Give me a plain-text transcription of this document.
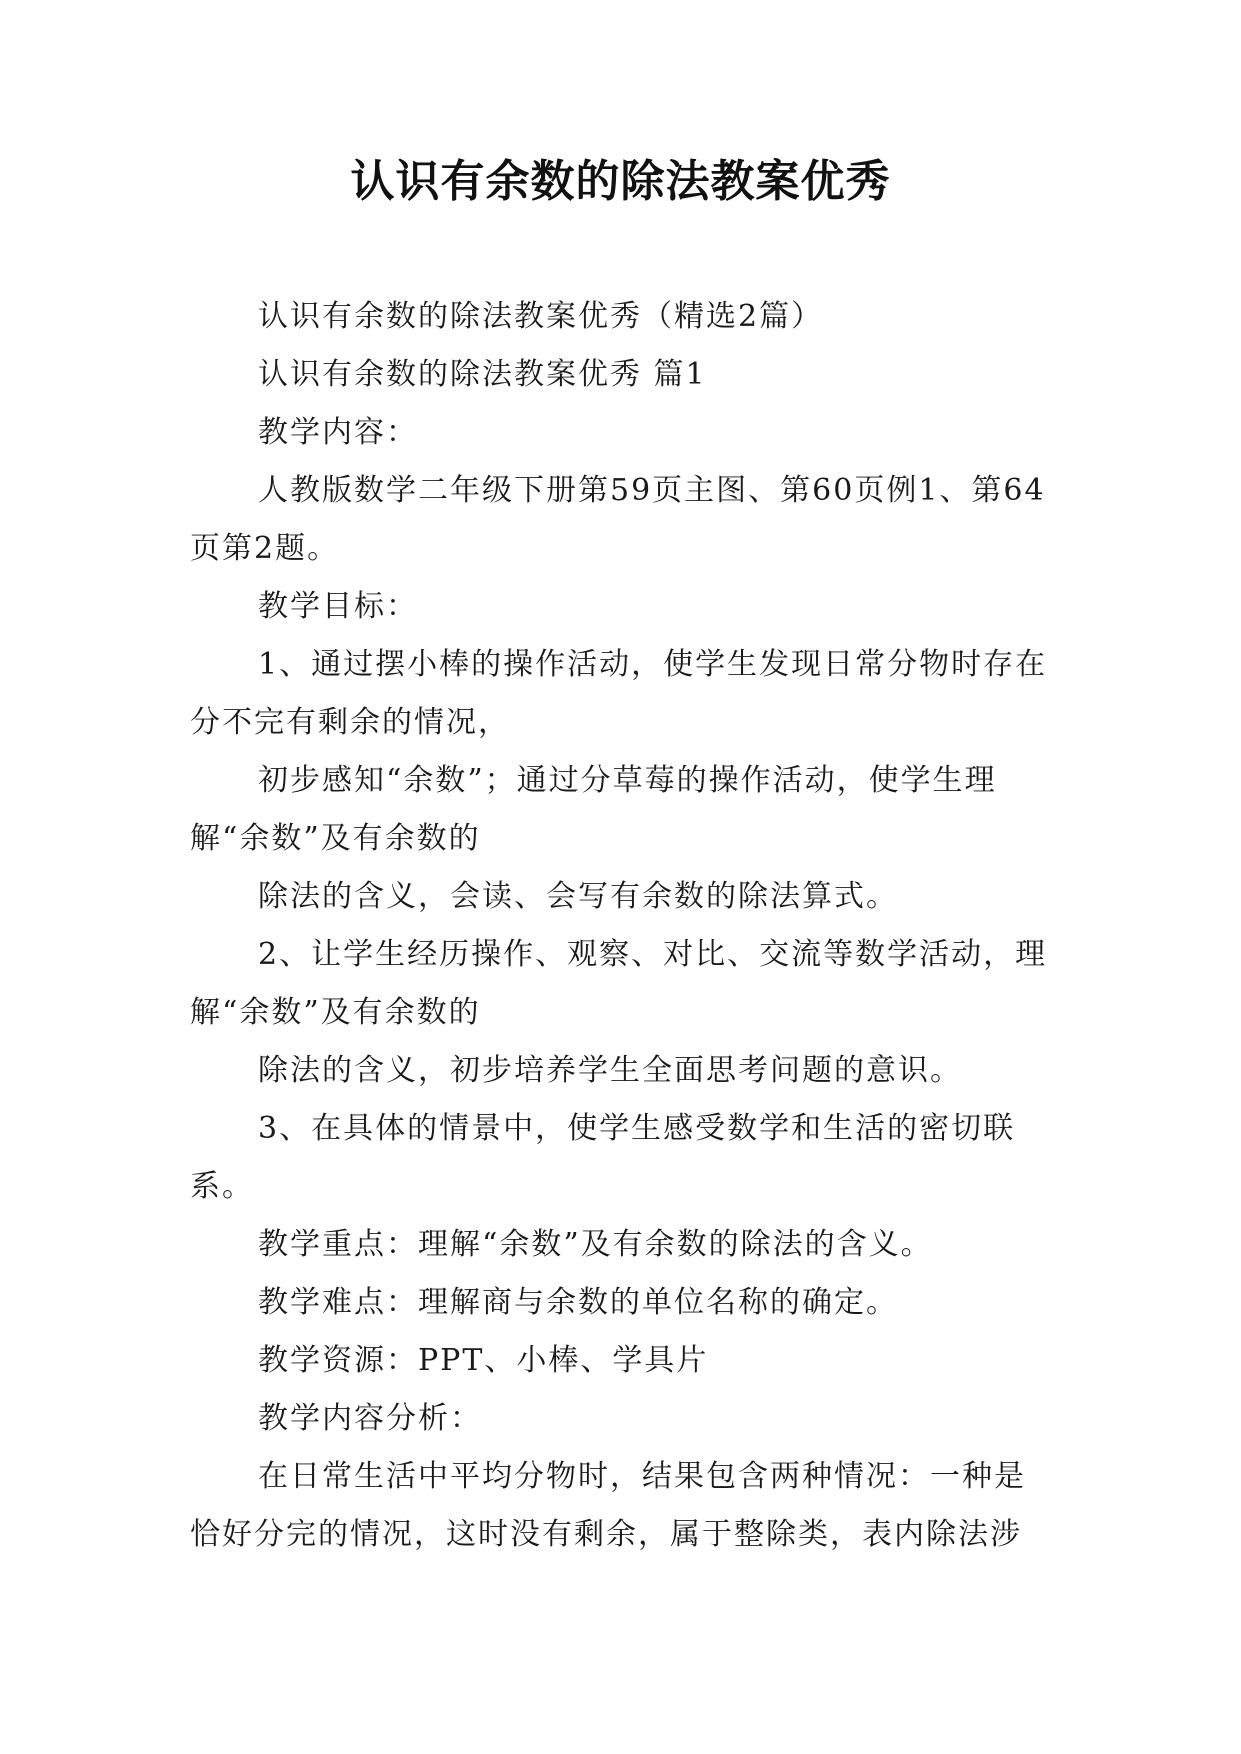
认识有余数的除法教案优秀

认识有余数的除法教案优秀（精选2篇）

认识有余数的除法教案优秀 篇1

教学内容：

人教版数学二年级下册第59页主图、第60页例1、第64页第2题。

教学目标：

1、通过摆小棒的操作活动，使学生发现日常分物时存在分不完有剩余的情况，

初步感知“余数”；通过分草莓的操作活动，使学生理解“余数”及有余数的

除法的含义，会读、会写有余数的除法算式。

2、让学生经历操作、观察、对比、交流等数学活动，理解“余数”及有余数的

除法的含义，初步培养学生全面思考问题的意识。

3、在具体的情景中，使学生感受数学和生活的密切联系。

教学重点：理解“余数”及有余数的除法的含义。

教学难点：理解商与余数的单位名称的确定。

教学资源：PPT、小棒、学具片

教学内容分析：

在日常生活中平均分物时，结果包含两种情况：一种是恰好分完的情况，这时没有剩余，属于整除类，表内除法涉
